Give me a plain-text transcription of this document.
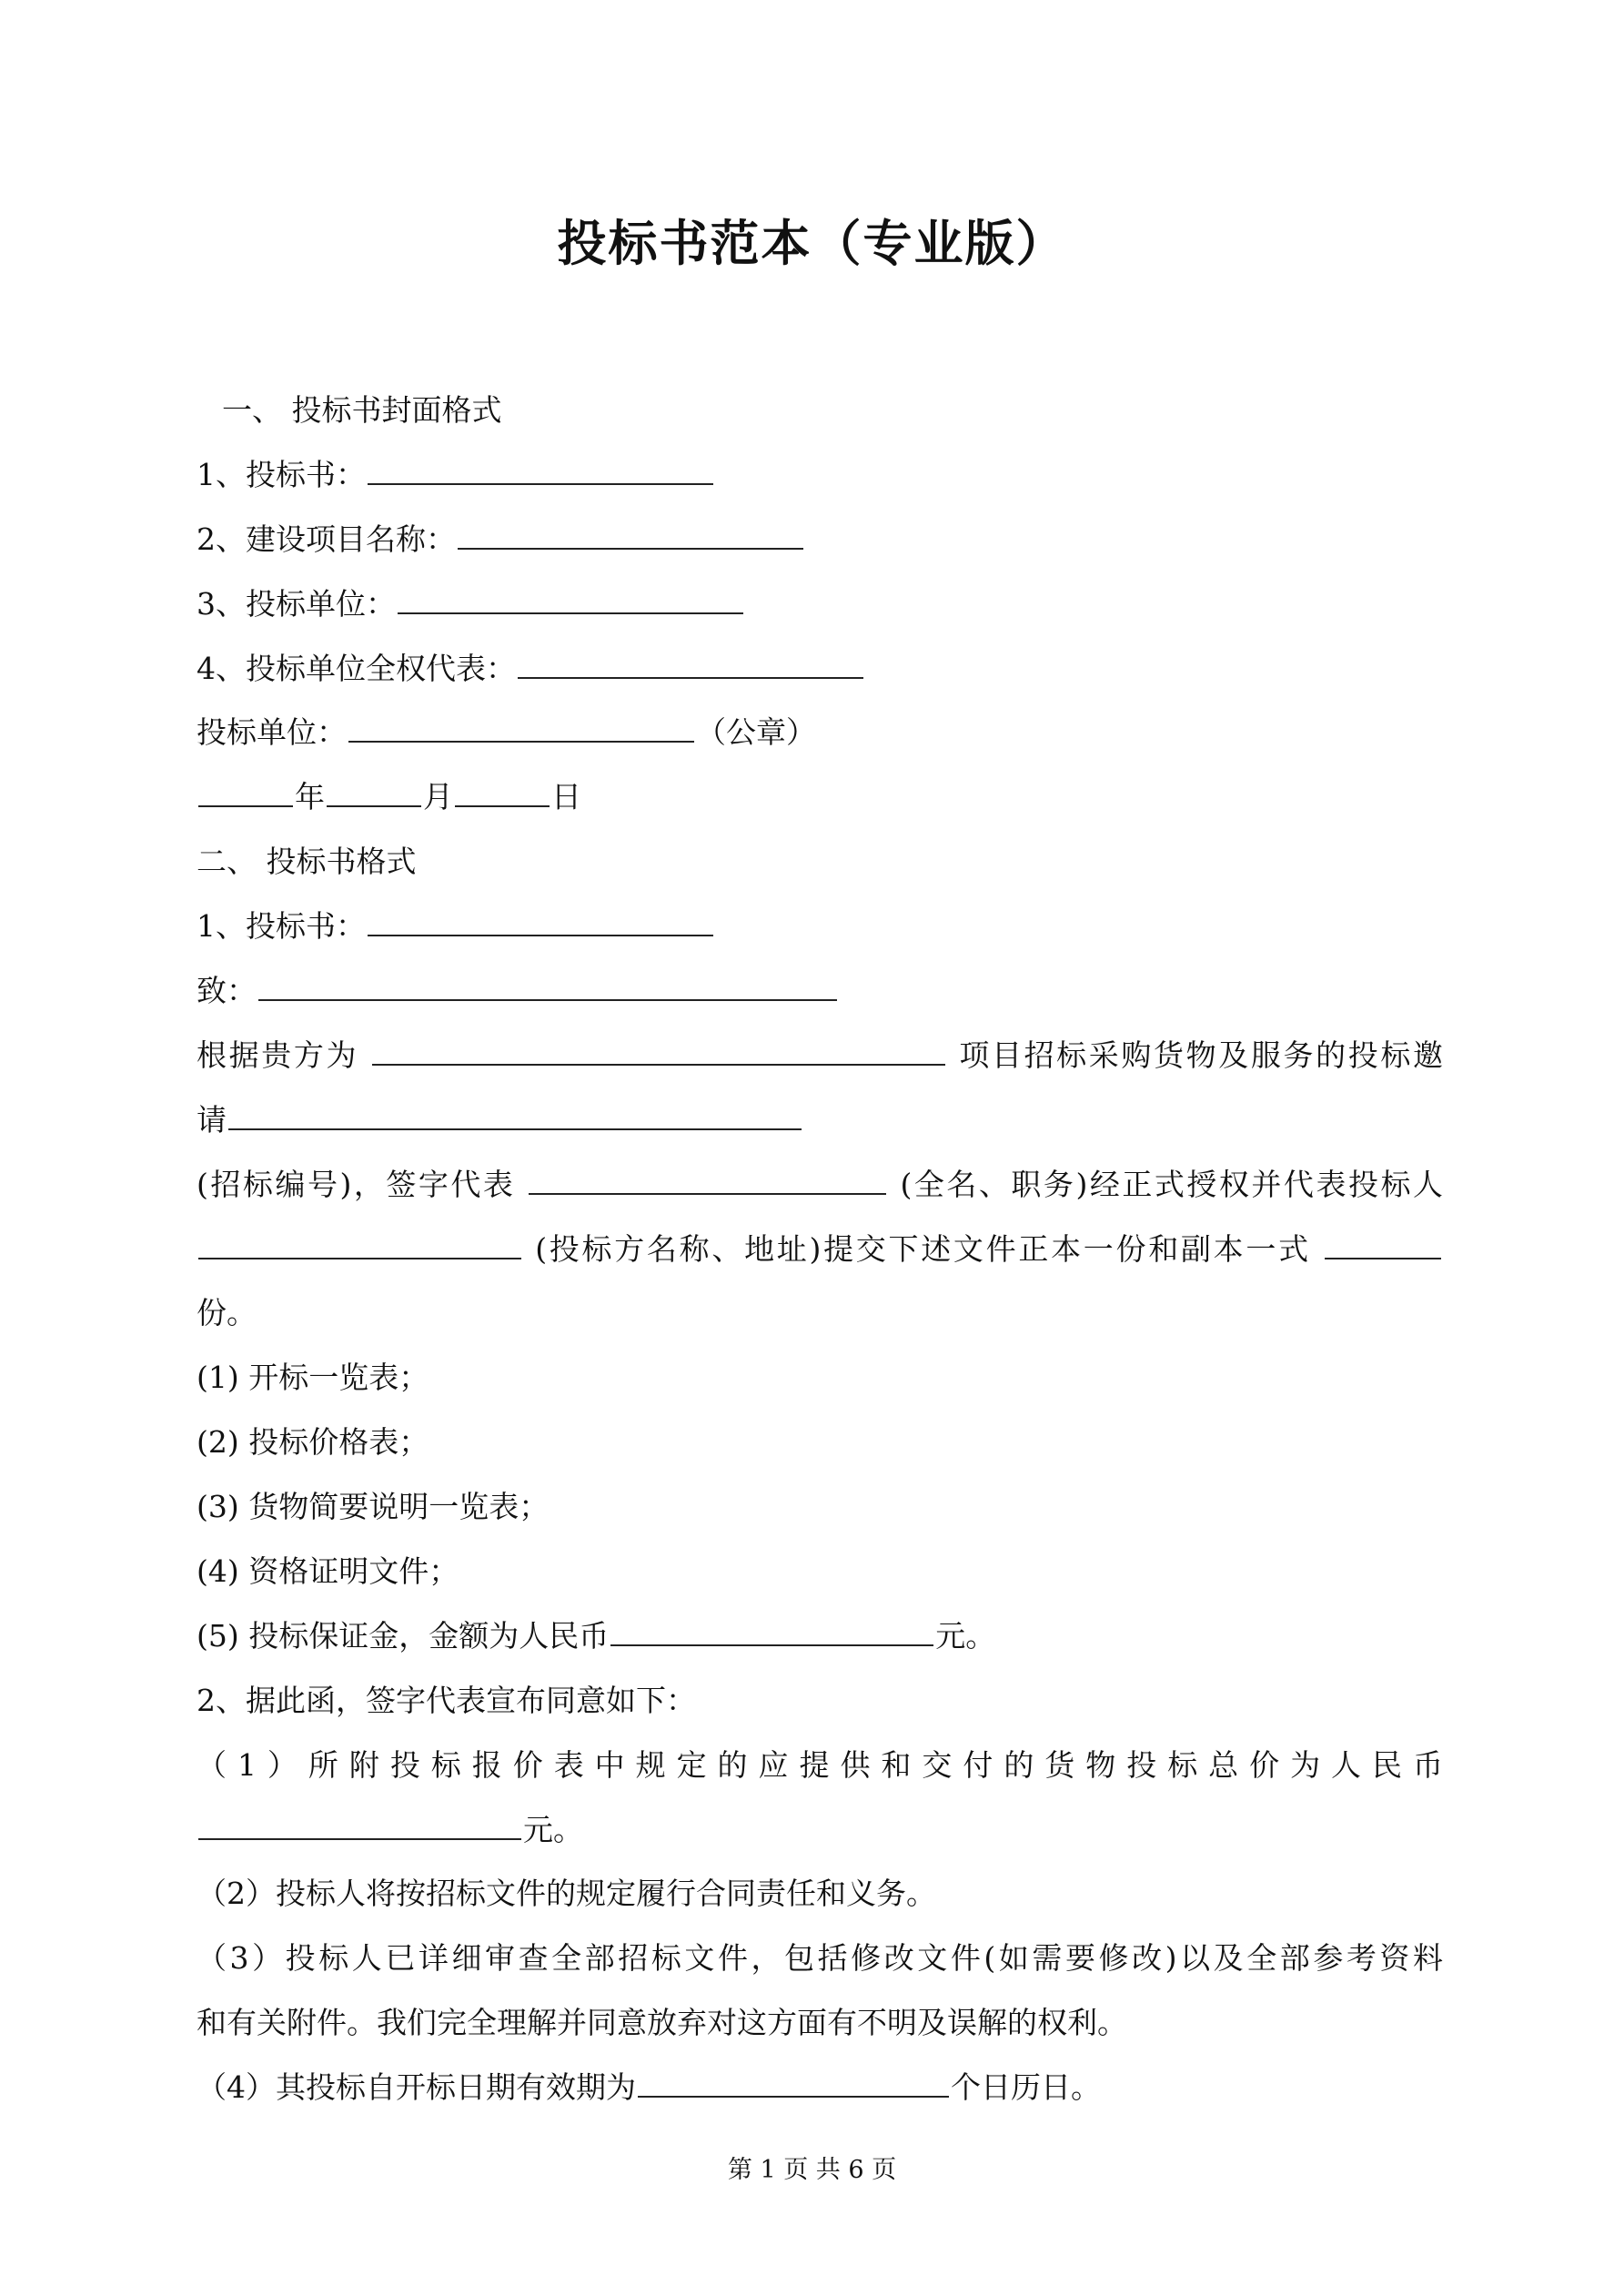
投标书范本（专业版）
一、 投标书封面格式
1、投标书：
2、建设项目名称：
3、投标单位：
4、投标单位全权代表：
投标单位：	（公章）
年	月	日
二、 投标书格式
1、投标书：
致：
根据贵方为	项目招标采购货物及服务的投标邀
请
(招标编号)，签字代表	(全名、职务)经正式授权并代表投标人
(投标方名称、地址)提交下述文件正本一份和副本一式
份。
(1) 开标一览表；
(2) 投标价格表；
(3) 货物简要说明一览表；
(4) 资格证明文件；
(5) 投标保证金，金额为人民币	元。
2、据此函，签字代表宣布同意如下：
（1）所附投标报价表中规定的应提供和交付的货物投标总价为人民币
元。
（2）投标人将按招标文件的规定履行合同责任和义务。
（3）投标人已详细审查全部招标文件，包括修改文件(如需要修改)以及全部参考资料
和有关附件。我们完全理解并同意放弃对这方面有不明及误解的权利。
（4）其投标自开标日期有效期为	个日历日。
第 1 页 共 6 页
